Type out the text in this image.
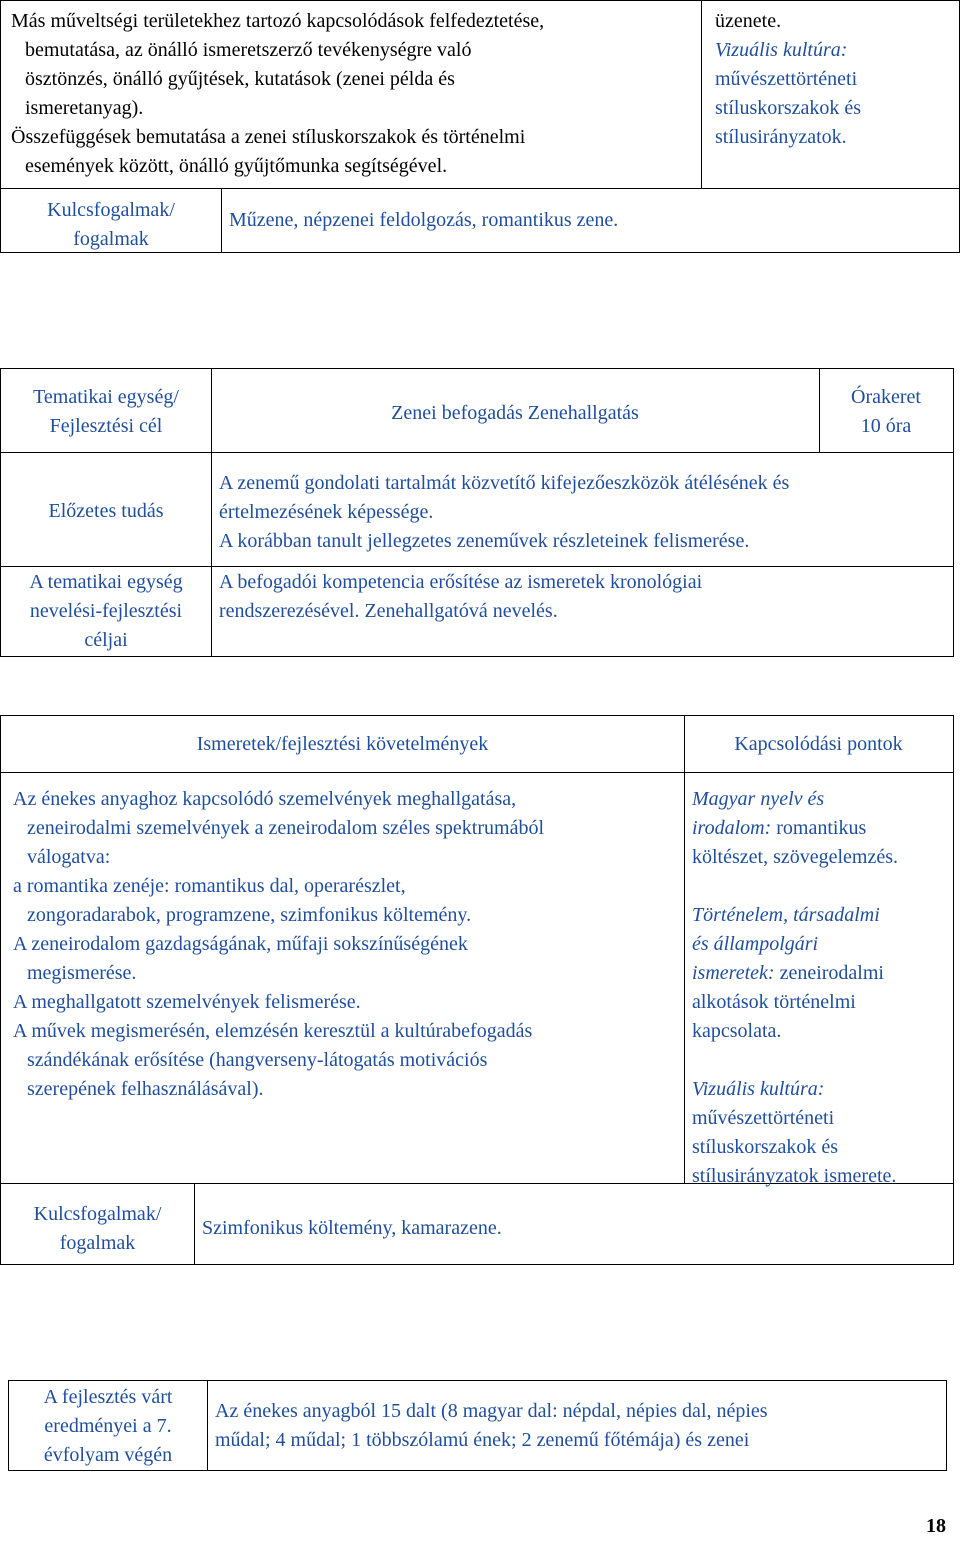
Más műveltségi területekhez tartozó kapcsolódások felfedeztetése,
bemutatása, az önálló ismeretszerző tevékenységre való
ösztönzés, önálló gyűjtések, kutatások (zenei példa és
ismeretanyag).
Összefüggések bemutatása a zenei stíluskorszakok és történelmi
események között, önálló gyűjtőmunka segítségével.
üzenete.
Vizuális kultúra:
művészettörténeti
stíluskorszakok és
stílusirányzatok.
Kulcsfogalmak/
fogalmak
Műzene, népzenei feldolgozás, romantikus zene.
Tematikai egység/
Fejlesztési cél
Zenei befogadás Zenehallgatás
Órakeret
10 óra
Előzetes tudás
A zenemű gondolati tartalmát közvetítő kifejezőeszközök átélésének és
értelmezésének képessége.
A korábban tanult jellegzetes zeneművek részleteinek felismerése.
A tematikai egység
nevelési-fejlesztési
céljai
A befogadói kompetencia erősítése az ismeretek kronológiai
rendszerezésével. Zenehallgatóvá nevelés.
Ismeretek/fejlesztési követelmények	Kapcsolódási pontok
Az énekes anyaghoz kapcsolódó szemelvények meghallgatása,
zeneirodalmi szemelvények a zeneirodalom széles spektrumából
válogatva:
a romantika zenéje: romantikus dal, operarészlet,
zongoradarabok, programzene, szimfonikus költemény.
A zeneirodalom gazdagságának, műfaji sokszínűségének
megismerése.
A meghallgatott szemelvények felismerése.
A művek megismerésén, elemzésén keresztül a kultúrabefogadás
szándékának erősítése (hangverseny-látogatás motivációs
szerepének felhasználásával).
Magyar nyelv és
irodalom: romantikus
költészet, szövegelemzés.
Történelem, társadalmi
és állampolgári
ismeretek: zeneirodalmi
alkotások történelmi
kapcsolata.
Vizuális kultúra:
művészettörténeti
stíluskorszakok és
stílusirányzatok ismerete.
Kulcsfogalmak/
fogalmak
Szimfonikus költemény, kamarazene.
A fejlesztés várt
eredményei a 7.
évfolyam végén
Az énekes anyagból 15 dalt (8 magyar dal: népdal, népies dal, népies
műdal; 4 műdal; 1 többszólamú ének; 2 zenemű főtémája) és zenei
18
